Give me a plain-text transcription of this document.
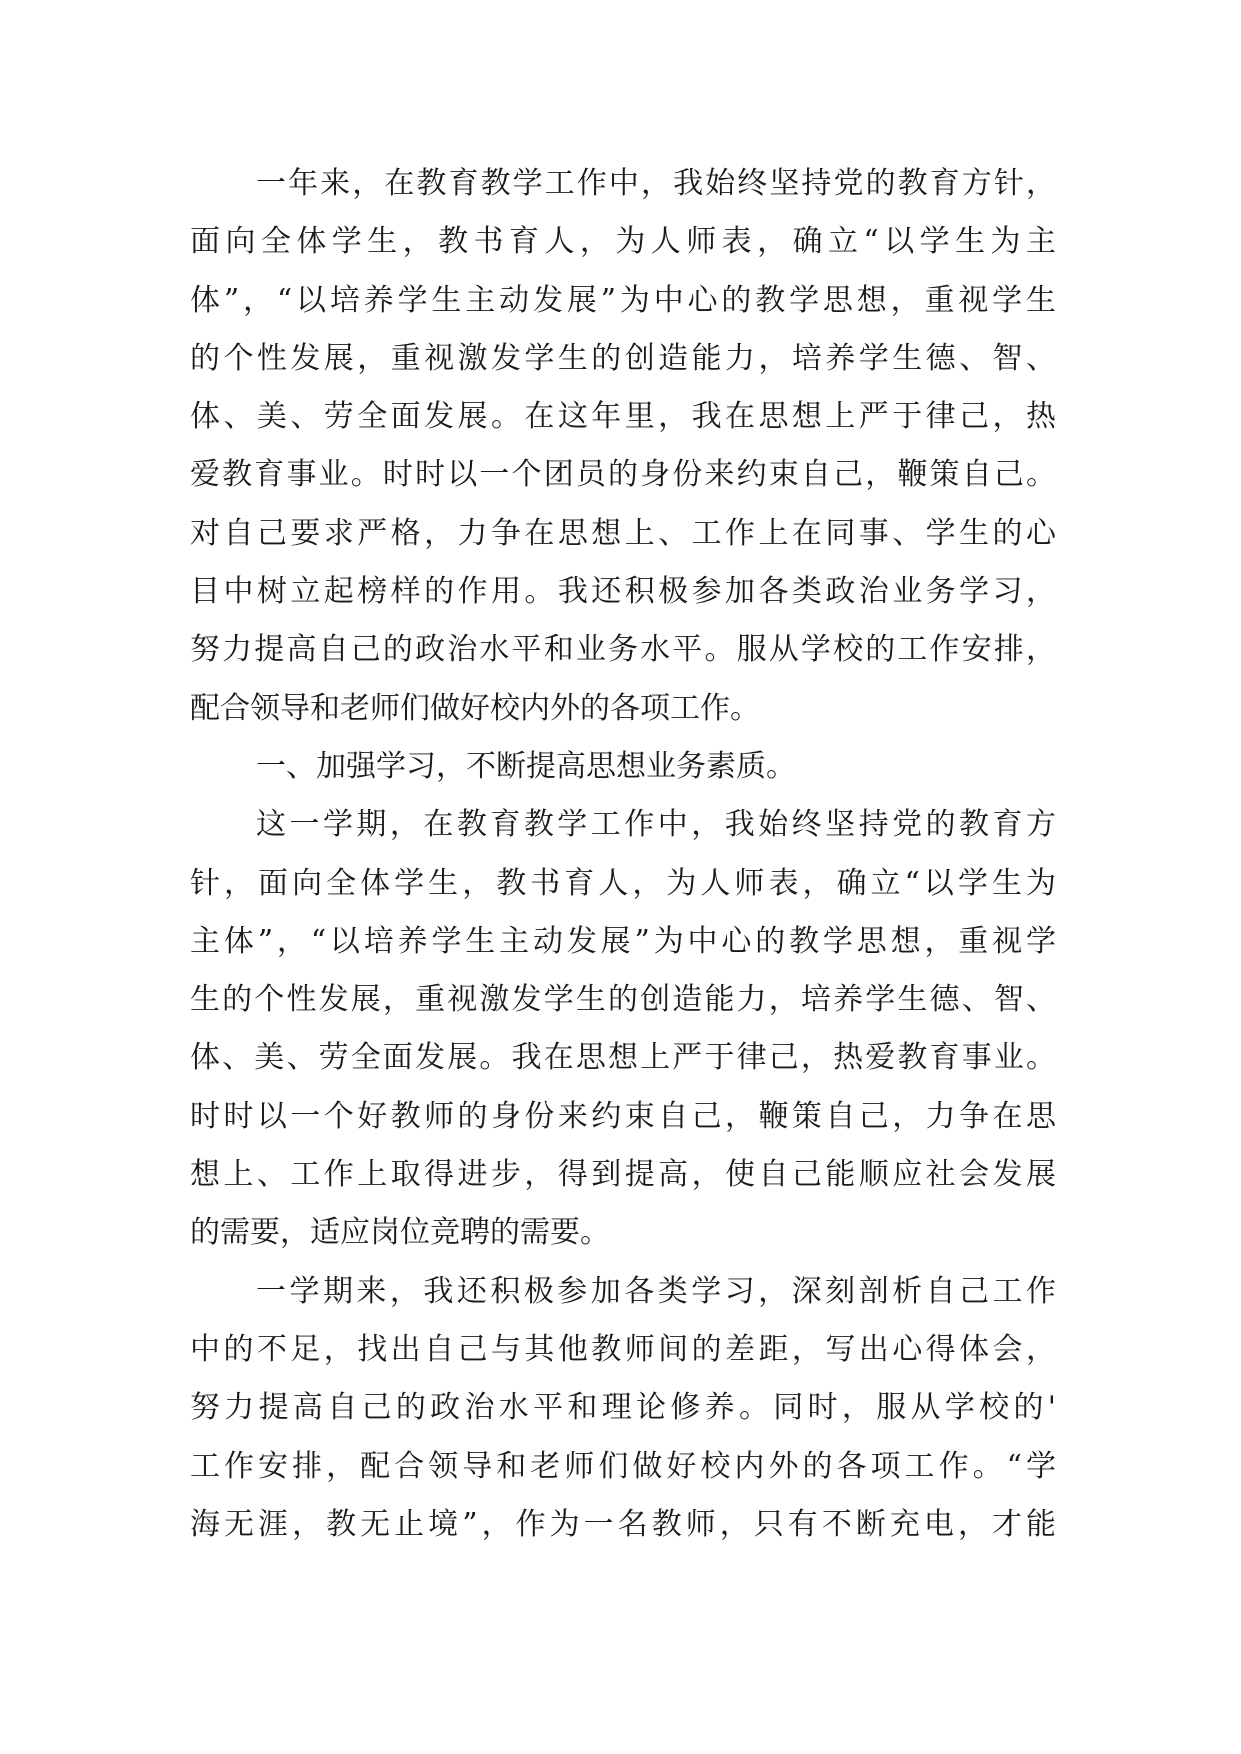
一年来，在教育教学工作中，我始终坚持党的教育方针，
面向全体学生，教书育人，为人师表，确立“以学生为主
体”，“以培养学生主动发展”为中心的教学思想，重视学生
的个性发展，重视激发学生的创造能力，培养学生德、智、
体、美、劳全面发展。在这年里，我在思想上严于律己，热
爱教育事业。时时以一个团员的身份来约束自己，鞭策自己。
对自己要求严格，力争在思想上、工作上在同事、学生的心
目中树立起榜样的作用。我还积极参加各类政治业务学习，
努力提高自己的政治水平和业务水平。服从学校的工作安排，
配合领导和老师们做好校内外的各项工作。
一、加强学习，不断提高思想业务素质。
这一学期，在教育教学工作中，我始终坚持党的教育方
针，面向全体学生，教书育人，为人师表，确立“以学生为
主体”，“以培养学生主动发展”为中心的教学思想，重视学
生的个性发展，重视激发学生的创造能力，培养学生德、智、
体、美、劳全面发展。我在思想上严于律己，热爱教育事业。
时时以一个好教师的身份来约束自己，鞭策自己，力争在思
想上、工作上取得进步，得到提高，使自己能顺应社会发展
的需要，适应岗位竞聘的需要。
一学期来，我还积极参加各类学习，深刻剖析自己工作
中的不足，找出自己与其他教师间的差距，写出心得体会，
努力提高自己的政治水平和理论修养。同时，服从学校的'
工作安排，配合领导和老师们做好校内外的各项工作。“学
海无涯，教无止境”，作为一名教师，只有不断充电，才能
